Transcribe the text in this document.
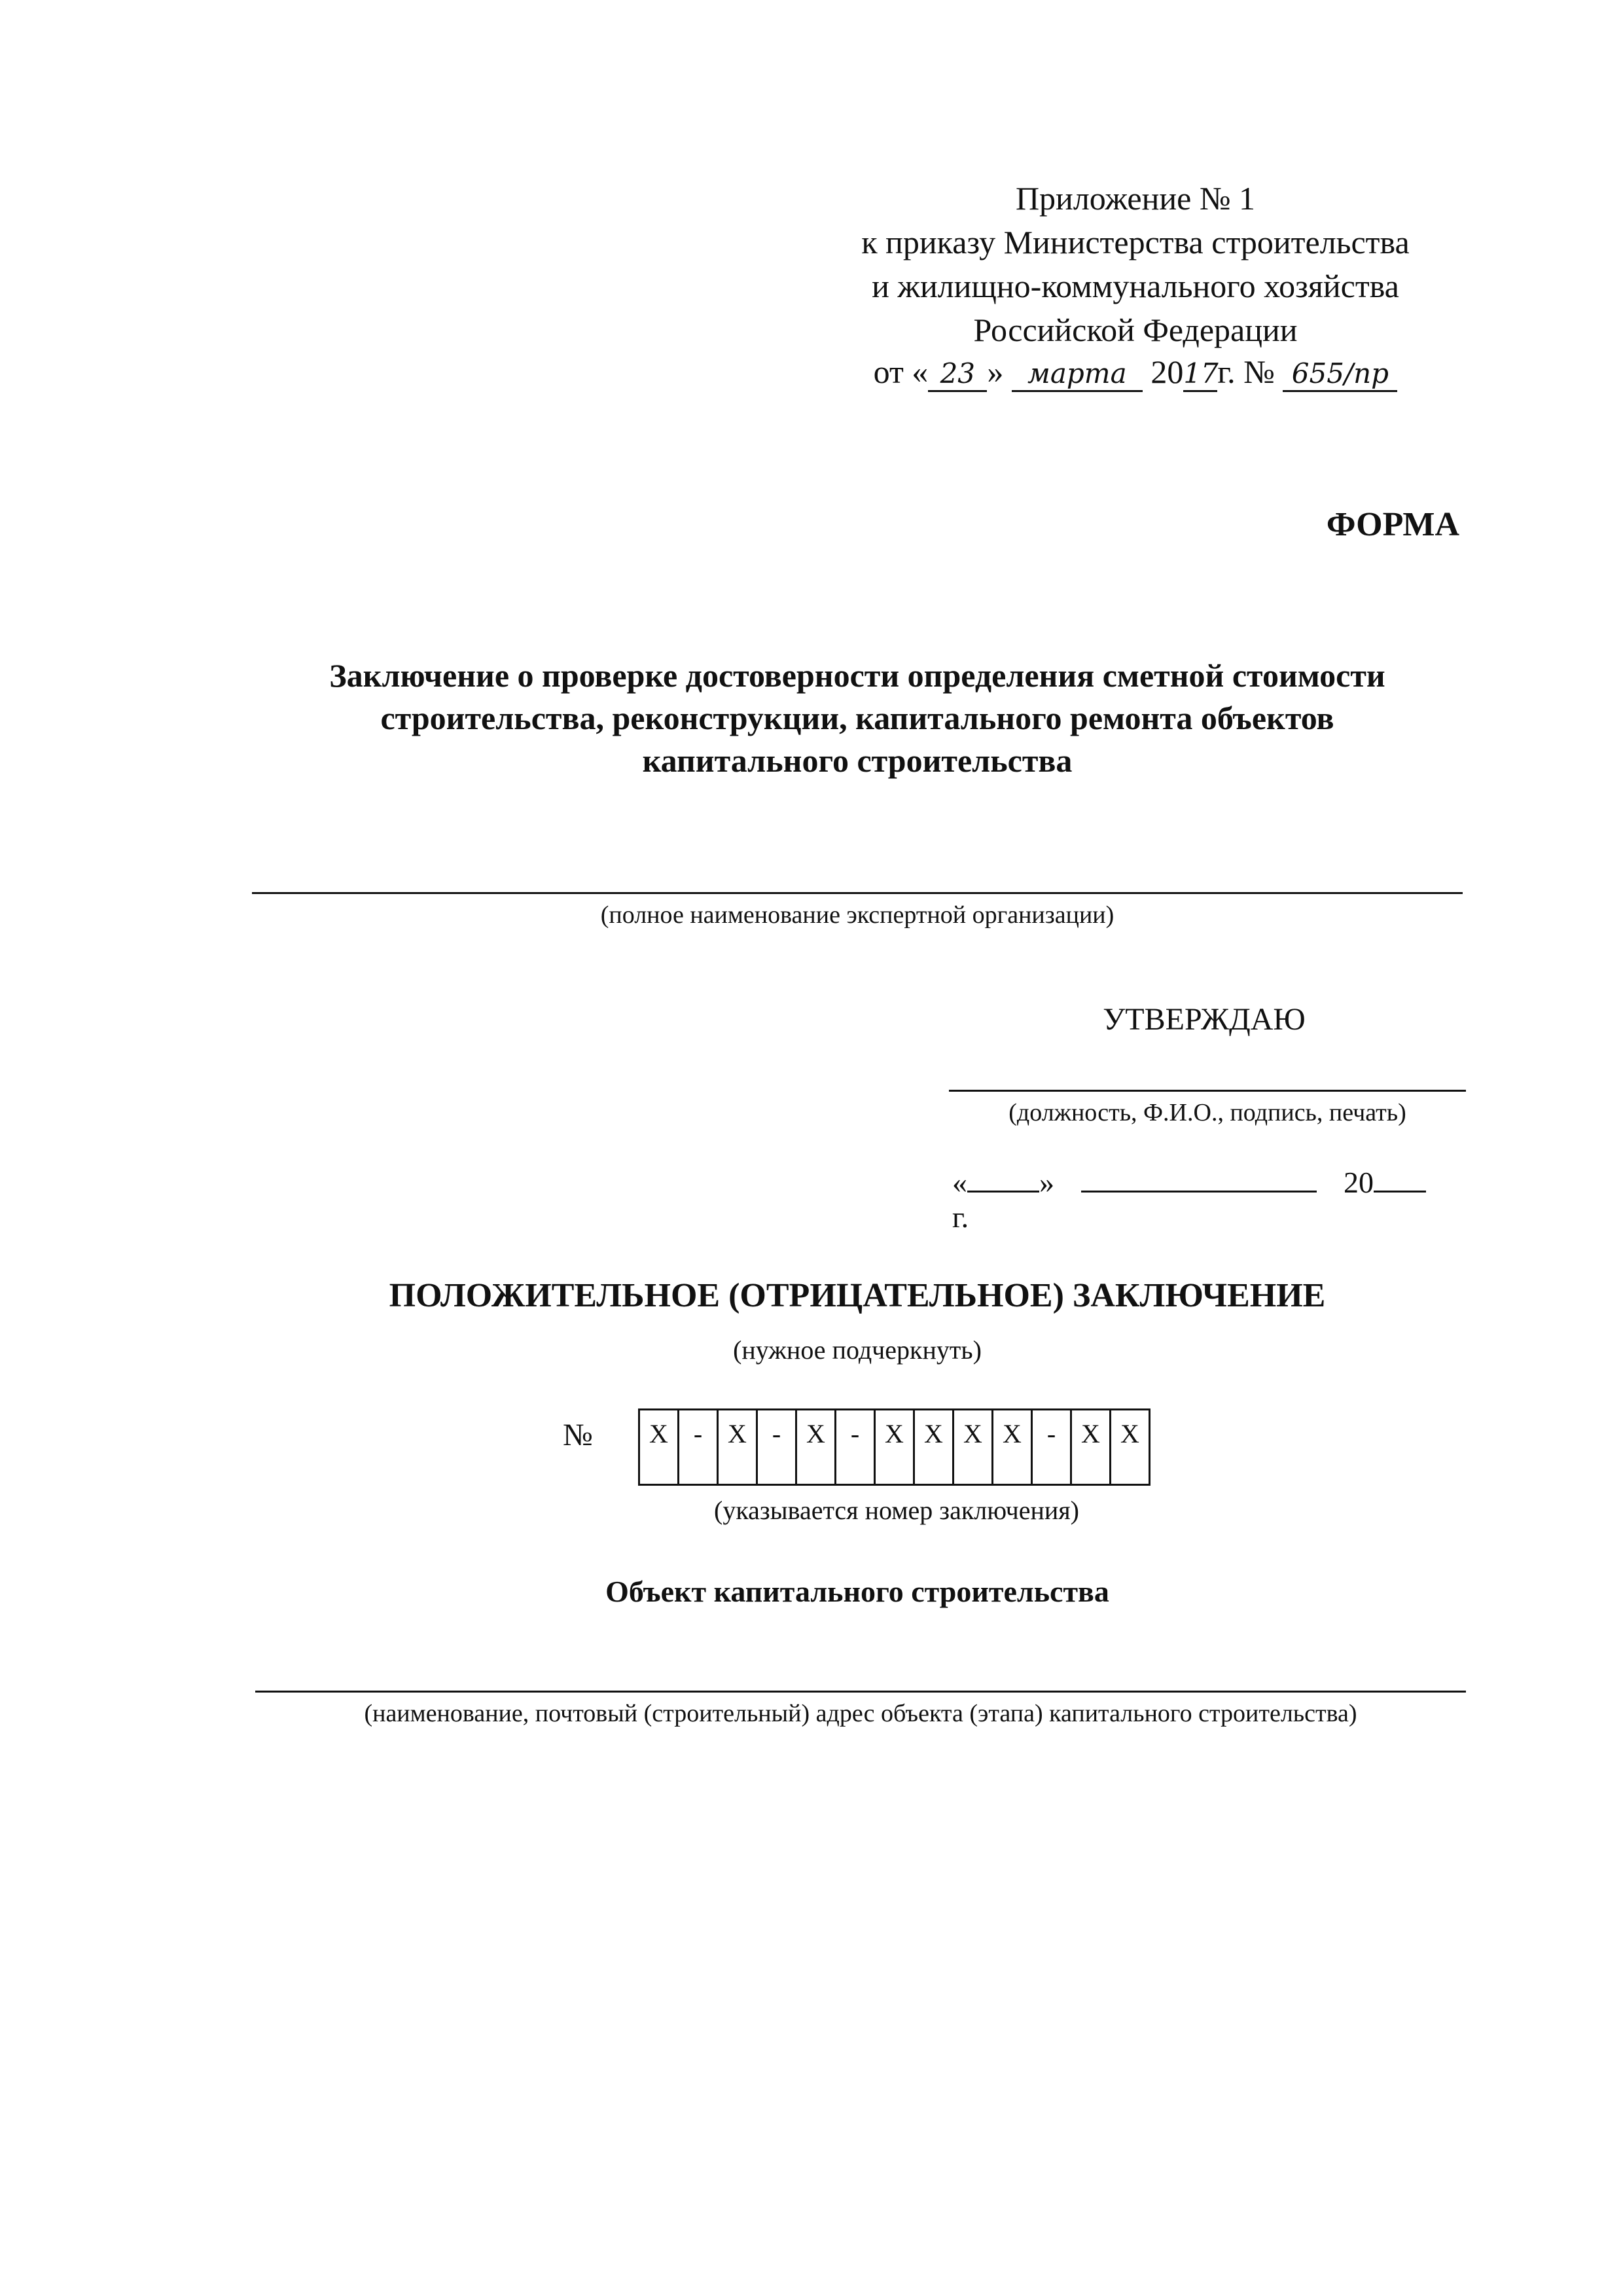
Приложение № 1
к приказу Министерства строительства
и жилищно-коммунального хозяйства
Российской Федерации
от « 23 » марта 2017г. № 655/пр
ФОРМА
Заключение о проверке достоверности определения сметной стоимости
строительства, реконструкции, капитального ремонта объектов
капитального строительства
(полное наименование экспертной организации)
УТВЕРЖДАЮ
(должность, Ф.И.О., подпись, печать)
« »	20  г.
ПОЛОЖИТЕЛЬНОЕ (ОТРИЦАТЕЛЬНОЕ) ЗАКЛЮЧЕНИЕ
(нужное подчеркнуть)
№ Х	-	Х	-	Х	-	Х	Х	Х	Х	-	Х	Х
(указывается номер заключения)
Объект капитального строительства
(наименование, почтовый (строительный) адрес объекта (этапа) капитального строительства)
